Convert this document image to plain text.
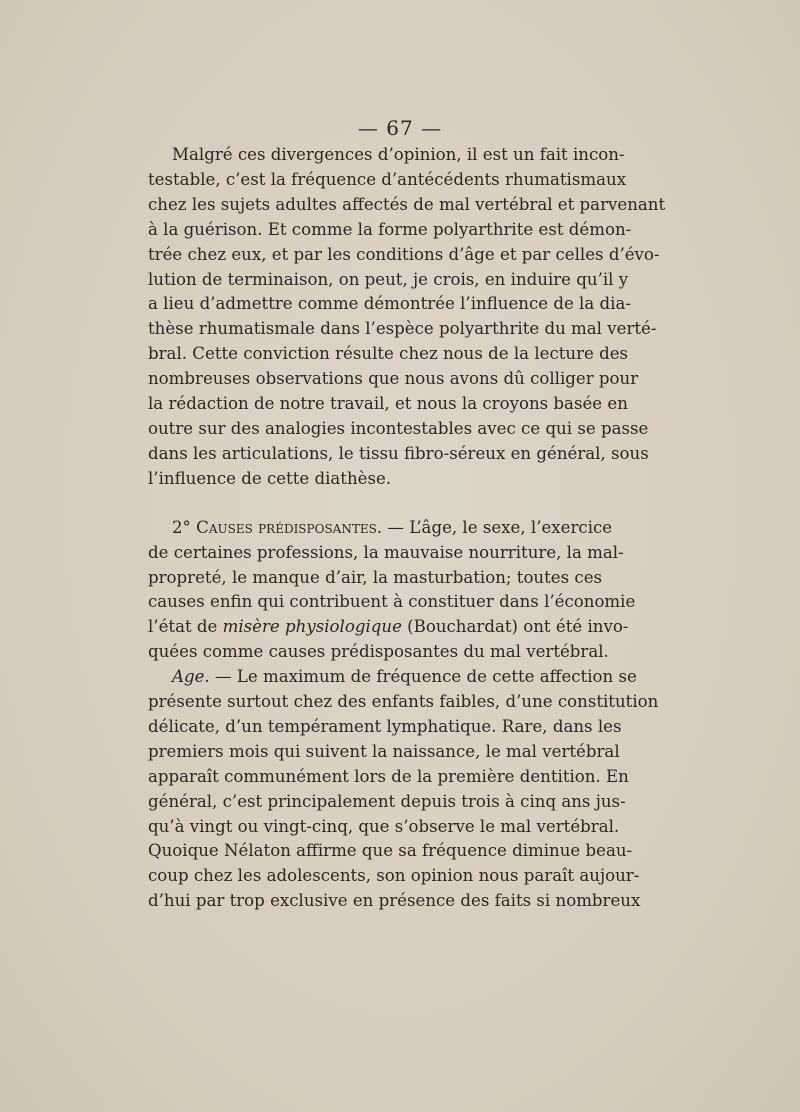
— 67 —
Malgré ces divergences d’opinion, il est un fait incon-
testable, c’est la fréquence d’antécédents rhumatismaux
chez les sujets adultes affectés de mal vertébral et parvenant
à la guérison. Et comme la forme polyarthrite est démon-
trée chez eux, et par les conditions d’âge et par celles d’évo-
lution de terminaison, on peut, je crois, en induire qu’il y
a lieu d’admettre comme démontrée l’influence de la dia-
thèse rhumatismale dans l’espèce polyarthrite du mal verté-
bral. Cette conviction résulte chez nous de la lecture des
nombreuses observations que nous avons dû colliger pour
la rédaction de notre travail, et nous la croyons basée en
outre sur des analogies incontestables avec ce qui se passe
dans les articulations, le tissu fibro-séreux en général, sous
l’influence de cette diathèse.
2° Causes prédisposantes. — L’âge, le sexe, l’exercice
de certaines professions, la mauvaise nourriture, la mal-
propreté, le manque d’air, la masturbation; toutes ces
causes enfin qui contribuent à constituer dans l’économie
l’état de misère physiologique (Bouchardat) ont été invo-
quées comme causes prédisposantes du mal vertébral.
Age. — Le maximum de fréquence de cette affection se
présente surtout chez des enfants faibles, d’une constitution
délicate, d’un tempérament lymphatique. Rare, dans les
premiers mois qui suivent la naissance, le mal vertébral
apparaît communément lors de la première dentition. En
général, c’est principalement depuis trois à cinq ans jus-
qu’à vingt ou vingt-cinq, que s’observe le mal vertébral.
Quoique Nélaton affirme que sa fréquence diminue beau-
coup chez les adolescents, son opinion nous paraît aujour-
d’hui par trop exclusive en présence des faits si nombreux
